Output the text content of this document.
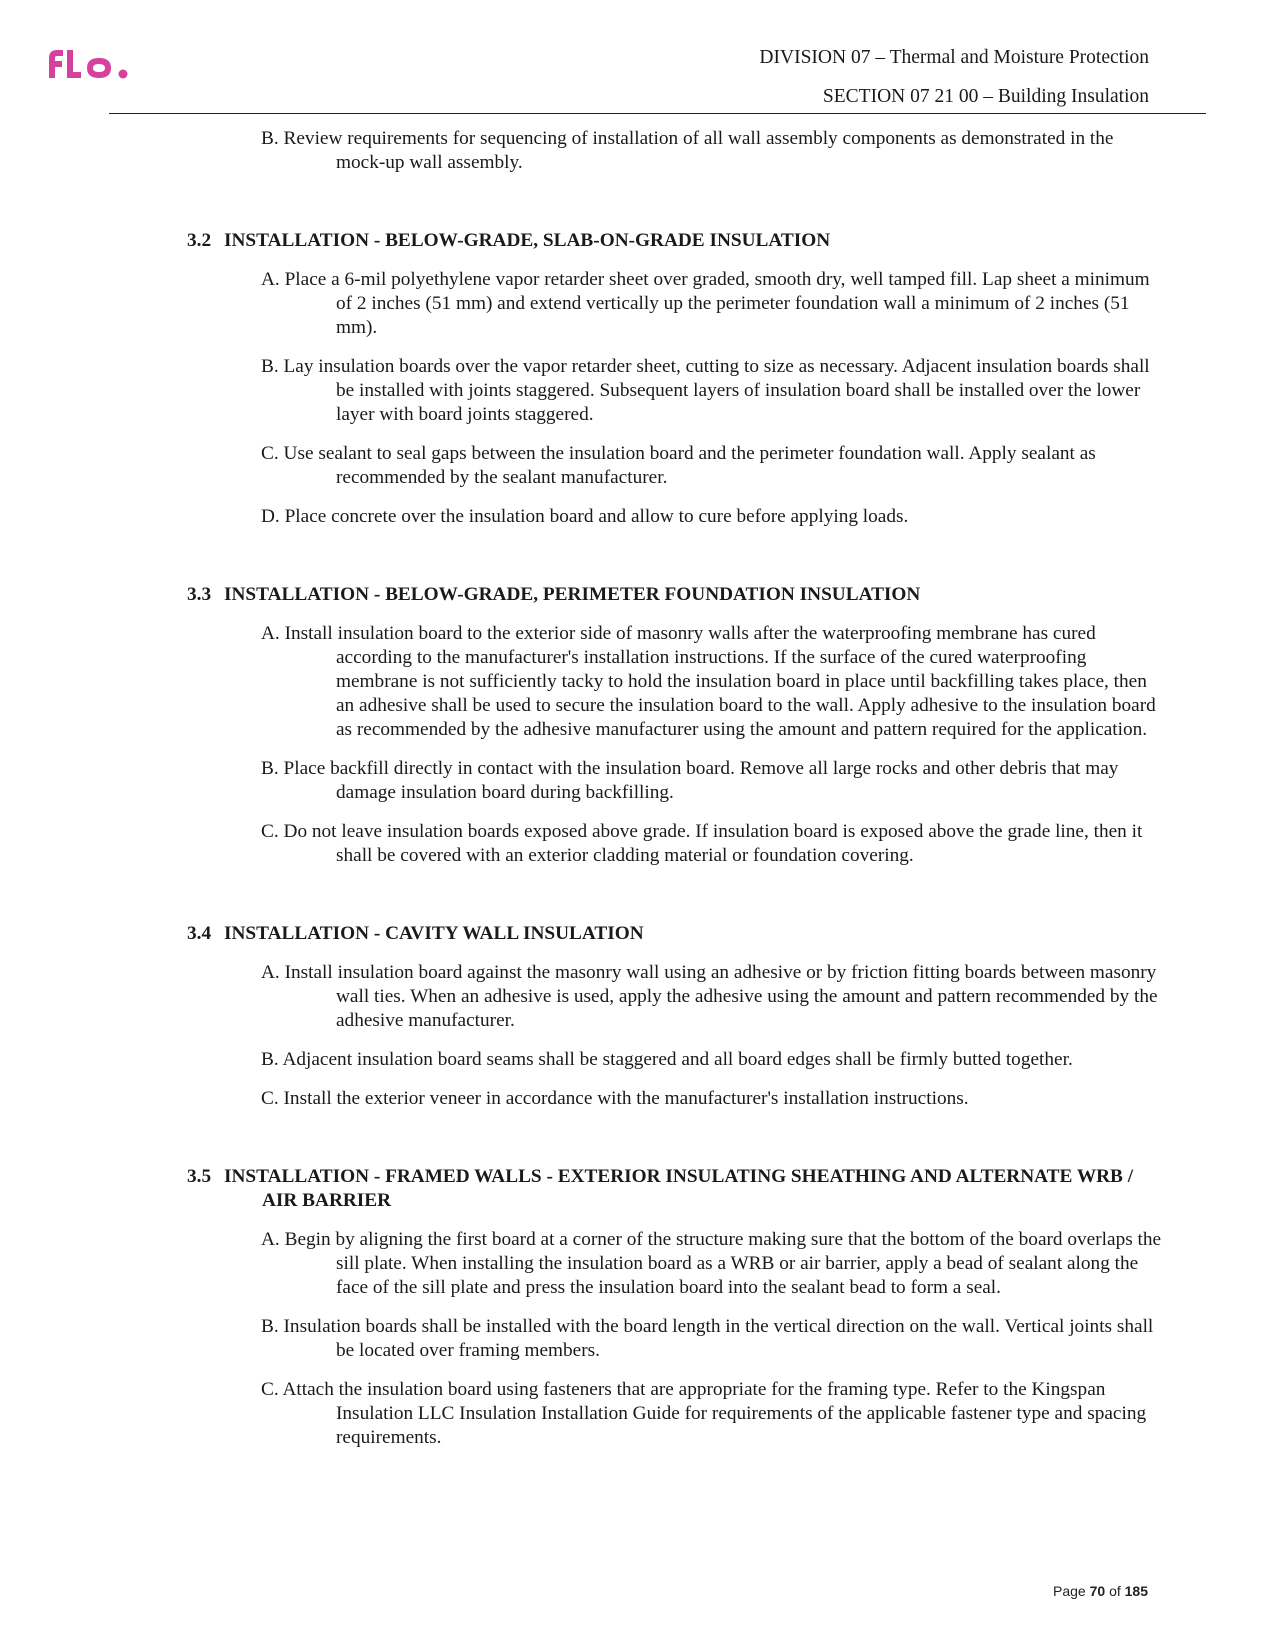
DIVISION 07 – Thermal and Moisture Protection
SECTION 07 21 00 – Building Insulation
B. Review requirements for sequencing of installation of all wall assembly components as demonstrated in the mock-up wall assembly.
3.2 INSTALLATION - BELOW-GRADE, SLAB-ON-GRADE INSULATION
A. Place a 6-mil polyethylene vapor retarder sheet over graded, smooth dry, well tamped fill. Lap sheet a minimum of 2 inches (51 mm) and extend vertically up the perimeter foundation wall a minimum of 2 inches (51 mm).
B. Lay insulation boards over the vapor retarder sheet, cutting to size as necessary. Adjacent insulation boards shall be installed with joints staggered. Subsequent layers of insulation board shall be installed over the lower layer with board joints staggered.
C. Use sealant to seal gaps between the insulation board and the perimeter foundation wall. Apply sealant as recommended by the sealant manufacturer.
D. Place concrete over the insulation board and allow to cure before applying loads.
3.3 INSTALLATION - BELOW-GRADE, PERIMETER FOUNDATION INSULATION
A. Install insulation board to the exterior side of masonry walls after the waterproofing membrane has cured according to the manufacturer's installation instructions. If the surface of the cured waterproofing membrane is not sufficiently tacky to hold the insulation board in place until backfilling takes place, then an adhesive shall be used to secure the insulation board to the wall. Apply adhesive to the insulation board as recommended by the adhesive manufacturer using the amount and pattern required for the application.
B. Place backfill directly in contact with the insulation board. Remove all large rocks and other debris that may damage insulation board during backfilling.
C. Do not leave insulation boards exposed above grade. If insulation board is exposed above the grade line, then it shall be covered with an exterior cladding material or foundation covering.
3.4 INSTALLATION - CAVITY WALL INSULATION
A. Install insulation board against the masonry wall using an adhesive or by friction fitting boards between masonry wall ties. When an adhesive is used, apply the adhesive using the amount and pattern recommended by the adhesive manufacturer.
B. Adjacent insulation board seams shall be staggered and all board edges shall be firmly butted together.
C. Install the exterior veneer in accordance with the manufacturer's installation instructions.
3.5 INSTALLATION - FRAMED WALLS - EXTERIOR INSULATING SHEATHING AND ALTERNATE WRB / AIR BARRIER
A. Begin by aligning the first board at a corner of the structure making sure that the bottom of the board overlaps the sill plate. When installing the insulation board as a WRB or air barrier, apply a bead of sealant along the face of the sill plate and press the insulation board into the sealant bead to form a seal.
B. Insulation boards shall be installed with the board length in the vertical direction on the wall. Vertical joints shall be located over framing members.
C. Attach the insulation board using fasteners that are appropriate for the framing type. Refer to the Kingspan Insulation LLC Insulation Installation Guide for requirements of the applicable fastener type and spacing requirements.
Page 70 of 185
